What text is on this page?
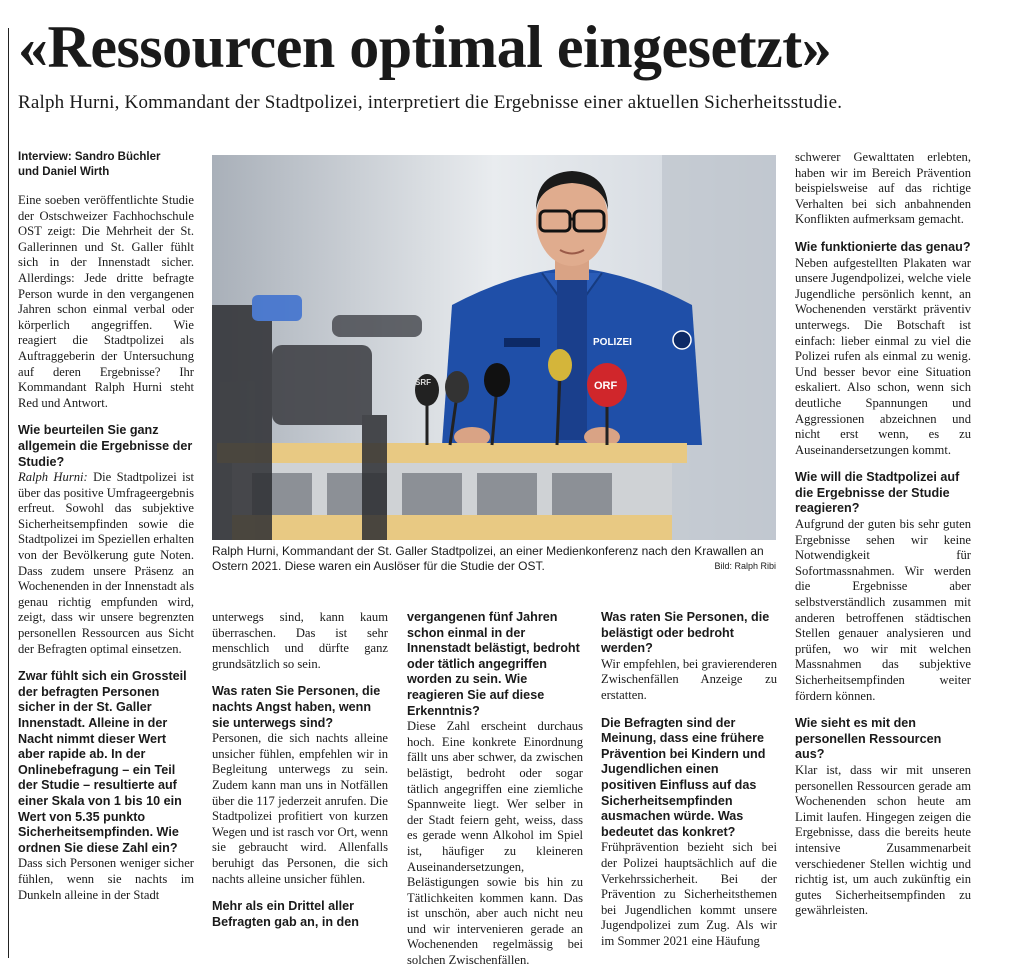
«Ressourcen optimal eingesetzt»

Ralph Hurni, Kommandant der Stadtpolizei, interpretiert die Ergebnisse einer aktuellen Sicherheitsstudie.

Interview: Sandro Büchler
und Daniel Wirth

Eine soeben veröffentlichte Studie der Ostschweizer Fachhochschule OST zeigt: Die Mehrheit der St. Gallerinnen und St. Galler fühlt sich in der Innenstadt sicher. Allerdings: Jede dritte befragte Person wurde in den vergangenen Jahren schon einmal verbal oder körperlich angegriffen. Wie reagiert die Stadtpolizei als Auftraggeberin der Untersuchung auf deren Ergebnisse? Ihr Kommandant Ralph Hurni steht Red und Antwort.

Wie beurteilen Sie ganz allgemein die Ergebnisse der Studie?

Ralph Hurni: Die Stadtpolizei ist über das positive Umfrageergebnis erfreut. Sowohl das subjektive Sicherheitsempfinden sowie die Stadtpolizei im Speziellen erhalten von der Bevölkerung gute Noten. Dass zudem unsere Präsenz an Wochenenden in der Innenstadt als genau richtig empfunden wird, zeigt, dass wir unsere begrenzten personellen Ressourcen aus Sicht der Befragten optimal einsetzen.

Zwar fühlt sich ein Grossteil der befragten Personen sicher in der St. Galler Innenstadt. Alleine in der Nacht nimmt dieser Wert aber rapide ab. In der Onlinebefragung – ein Teil der Studie – resultierte auf einer Skala von 1 bis 10 ein Wert von 5.35 punkto Sicherheitsempfinden. Wie ordnen Sie diese Zahl ein?

Dass sich Personen weniger sicher fühlen, wenn sie nachts im Dunkeln alleine in der Stadt

POLIZEI
ORF
SRF
Ralph Hurni, Kommandant der St. Galler Stadtpolizei, an einer Medienkonferenz nach den Krawallen an Ostern 2021. Diese waren ein Auslöser für die Studie der OST.	Bild: Ralph Ribi

unterwegs sind, kann kaum überraschen. Das ist sehr menschlich und dürfte ganz grundsätzlich so sein.

Was raten Sie Personen, die nachts Angst haben, wenn sie unterwegs sind?

Personen, die sich nachts alleine unsicher fühlen, empfehlen wir in Begleitung unterwegs zu sein. Zudem kann man uns in Notfällen über die 117 jederzeit anrufen. Die Stadtpolizei profitiert von kurzen Wegen und ist rasch vor Ort, wenn sie gebraucht wird. Allenfalls beruhigt das Personen, die sich nachts alleine unsicher fühlen.

Mehr als ein Drittel aller Befragten gab an, in den

vergangenen fünf Jahren schon einmal in der Innenstadt belästigt, bedroht oder tätlich angegriffen worden zu sein. Wie reagieren Sie auf diese Erkenntnis?

Diese Zahl erscheint durchaus hoch. Eine konkrete Einordnung fällt uns aber schwer, da zwischen belästigt, bedroht oder sogar tätlich angegriffen eine ziemliche Spannweite liegt. Wer selber in der Stadt feiern geht, weiss, dass es gerade wenn Alkohol im Spiel ist, häufiger zu kleineren Auseinandersetzungen, Belästigungen sowie bis hin zu Tätlichkeiten kommen kann. Das ist unschön, aber auch nicht neu und wir intervenieren gerade an Wochenenden regelmässig bei solchen Zwischenfällen.

Was raten Sie Personen, die belästigt oder bedroht werden?

Wir empfehlen, bei gravierenderen Zwischenfällen Anzeige zu erstatten.

Die Befragten sind der Meinung, dass eine frühere Prävention bei Kindern und Jugendlichen einen positiven Einfluss auf das Sicherheitsempfinden ausmachen würde. Was bedeutet das konkret?

Frühprävention bezieht sich bei der Polizei hauptsächlich auf die Verkehrssicherheit. Bei der Prävention zu Sicherheitsthemen bei Jugendlichen kommt unsere Jugendpolizei zum Zug. Als wir im Sommer 2021 eine Häufung

schwerer Gewalttaten erlebten, haben wir im Bereich Prävention beispielsweise auf das richtige Verhalten bei sich anbahnenden Konflikten aufmerksam gemacht.

Wie funktionierte das genau?

Neben aufgestellten Plakaten war unsere Jugendpolizei, welche viele Jugendliche persönlich kennt, an Wochenenden verstärkt präventiv unterwegs. Die Botschaft ist einfach: lieber einmal zu viel die Polizei rufen als einmal zu wenig. Und besser bevor eine Situation eskaliert. Also schon, wenn sich deutliche Spannungen und Aggressionen abzeichnen und nicht erst wenn, es zu Auseinandersetzungen kommt.

Wie will die Stadtpolizei auf die Ergebnisse der Studie reagieren?

Aufgrund der guten bis sehr guten Ergebnisse sehen wir keine Notwendigkeit für Sofortmassnahmen. Wir werden die Ergebnisse aber selbstverständlich zusammen mit anderen betroffenen städtischen Stellen genauer analysieren und prüfen, wo wir mit welchen Massnahmen das subjektive Sicherheitsempfinden weiter fördern können.

Wie sieht es mit den personellen Ressourcen aus?

Klar ist, dass wir mit unseren personellen Ressourcen gerade am Wochenenden schon heute am Limit laufen. Hingegen zeigen die Ergebnisse, dass die bereits heute intensive Zusammenarbeit verschiedener Stellen wichtig und richtig ist, um auch zukünftig ein gutes Sicherheitsempfinden zu gewährleisten.
